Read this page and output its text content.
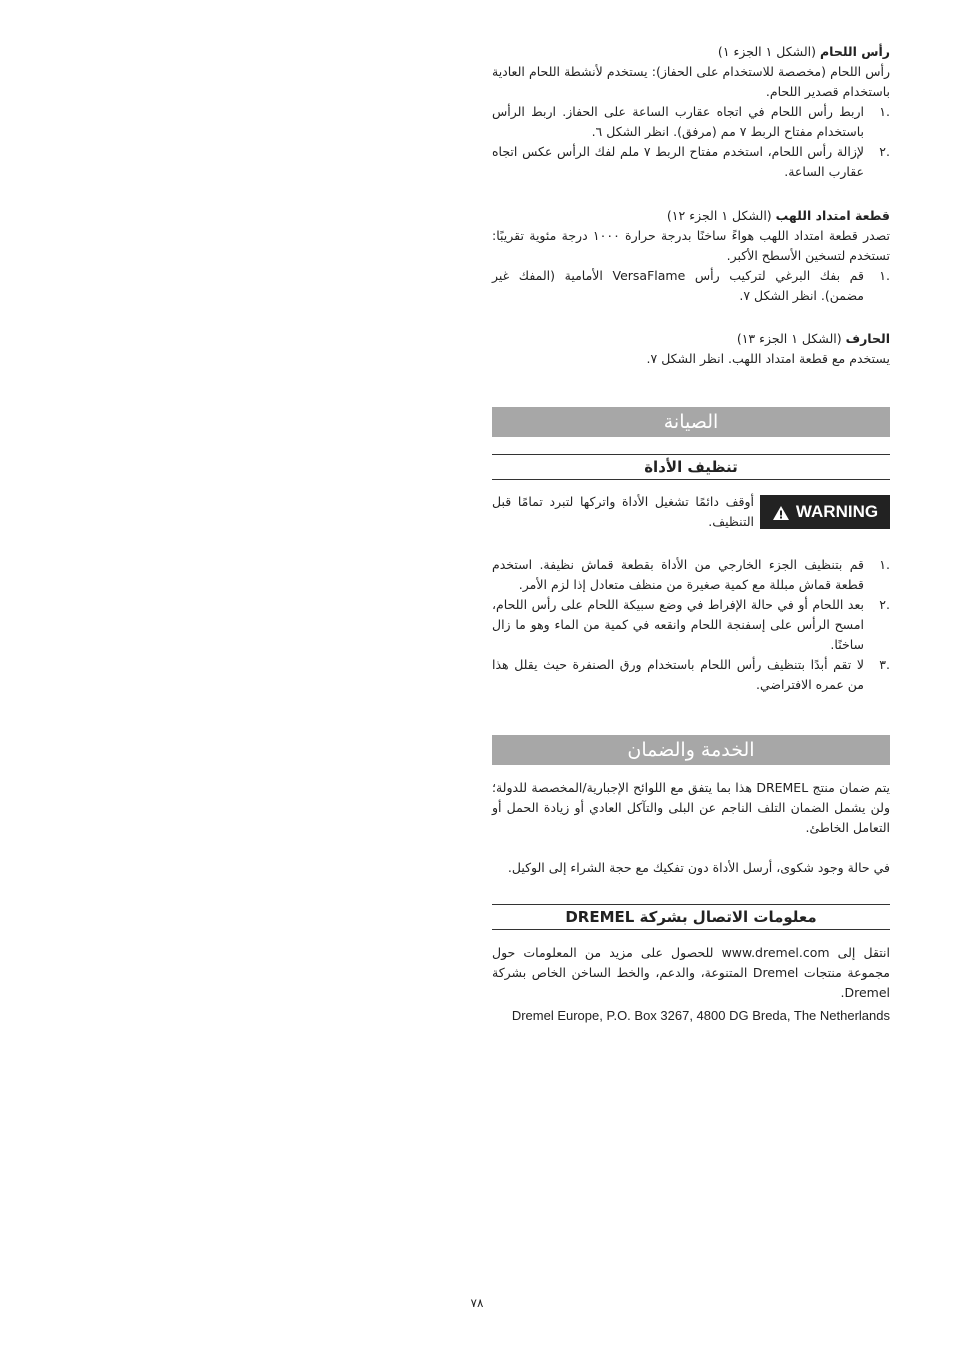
رأس اللحام (الشكل ١ الجزء ١)

رأس اللحام (مخصصة للاستخدام على الحفاز): يستخدم لأنشطة اللحام العادية باستخدام قصدير اللحام.

.١
اربط رأس اللحام في اتجاه عقارب الساعة على الحفاز. اربط الرأس باستخدام مفتاح الربط ٧ مم (مرفق). انظر الشكل ٦.
.٢
لإزالة رأس اللحام، استخدم مفتاح الربط ٧ ملم لفك الرأس عكس اتجاه عقارب الساعة.

قطعة امتداد اللهب (الشكل ١ الجزء ١٢)

تصدر قطعة امتداد اللهب هواءً ساخنًا بدرجة حرارة ١٠٠٠ درجة مئوية تقريبًا: تستخدم لتسخين الأسطح الأكبر.

.١
قم بفك البرغي لتركيب رأس VersaFlame الأمامية (المفك غير مضمن). انظر الشكل ٧.

الحارف (الشكل ١ الجزء ١٣)

يستخدم مع قطعة امتداد اللهب. انظر الشكل ٧.

الصيانة
تنظيف الأداة
WARNING
أوقف دائمًا تشغيل الأداة واتركها لتبرد تمامًا قبل التنظيف.
.١
قم بتنظيف الجزء الخارجي من الأداة بقطعة قماش نظيفة. استخدم قطعة قماش مبللة مع كمية صغيرة من منظف متعادل إذا لزم الأمر.
.٢
بعد اللحام أو في حالة الإفراط في وضع سبيكة اللحام على رأس اللحام، امسح الرأس على إسفنجة اللحام وانقعه في كمية من الماء وهو ما زال ساخنًا.
.٣
لا تقم أبدًا بتنظيف رأس اللحام باستخدام ورق الصنفرة حيث يقلل هذا من عمره الافتراضي.
الخدمة والضمان

يتم ضمان منتج DREMEL هذا بما يتفق مع اللوائح الإجبارية/المخصصة للدولة؛ ولن يشمل الضمان التلف الناجم عن البلى والتآكل العادي أو زيادة الحمل أو التعامل الخاطئ.

في حالة وجود شكوى، أرسل الأداة دون تفكيك مع حجة الشراء إلى الوكيل.

معلومات الاتصال بشركة DREMEL

انتقل إلى www.dremel.com للحصول على مزيد من المعلومات حول مجموعة منتجات Dremel المتنوعة، والدعم، والخط الساخن الخاص بشركة Dremel.

Dremel Europe, P.O. Box 3267, 4800 DG Breda, The Netherlands
٧٨
